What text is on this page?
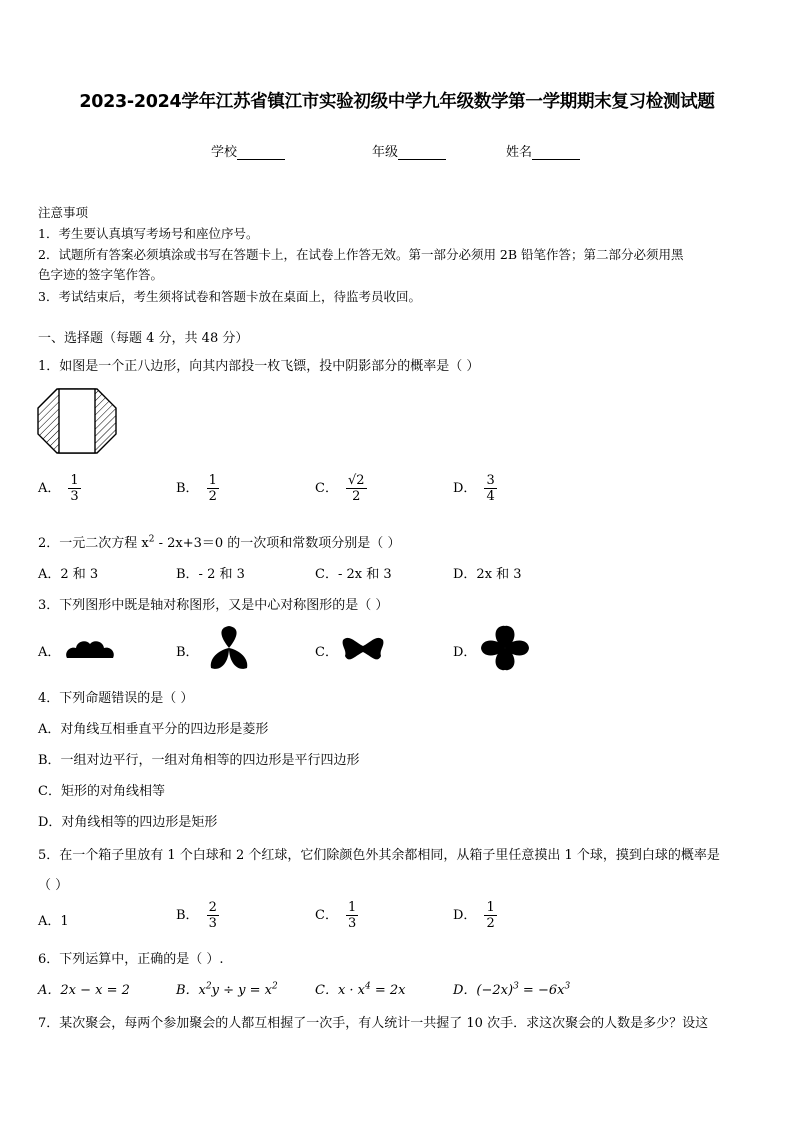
2023-2024学年江苏省镇江市实验初级中学九年级数学第一学期期末复习检测试题
学校	年级	姓名
注意事项
1．考生要认真填写考场号和座位序号。
2．试题所有答案必须填涂或书写在答题卡上，在试卷上作答无效。第一部分必须用 2B 铅笔作答；第二部分必须用黑
色字迹的签字笔作答。
3．考试结束后，考生须将试卷和答题卡放在桌面上，待监考员收回。
一、选择题（每题 4 分，共 48 分）
1．如图是一个正八边形，向其内部投一枚飞镖，投中阴影部分的概率是（ ）
A． $\frac{1}{3}$	B． $\frac{1}{2}$	C． $\frac{√2}{2}$	D． $\frac{3}{4}$
2．一元二次方程 $x^2 - 2x+3=0$ 的一次项和常数项分别是（ ）
A．2 和 3	B．- 2 和 3	C．- 2x 和 3	D．2x 和 3
3．下列图形中既是轴对称图形，又是中心对称图形的是（ ）
A．	B．	C．	D．
4．下列命题错误的是（ ）
A．对角线互相垂直平分的四边形是菱形
B．一组对边平行，一组对角相等的四边形是平行四边形
C．矩形的对角线相等
D．对角线相等的四边形是矩形
5．在一个箱子里放有 1 个白球和 2 个红球，它们除颜色外其余都相同，从箱子里任意摸出 1 个球，摸到白球的概率是
（ ）
A．1	B． $\frac{2}{3}$	C． $\frac{1}{3}$	D． $\frac{1}{2}$
6．下列运算中，正确的是（ ）.
A．2x − x = 2	B．$x^2y \div y = x^2$	C．$x \cdot x^4 = 2x$	D．$(-2x)^3 = -6x^3$
7．某次聚会，每两个参加聚会的人都互相握了一次手，有人统计一共握了 10 次手．求这次聚会的人数是多少？设这
